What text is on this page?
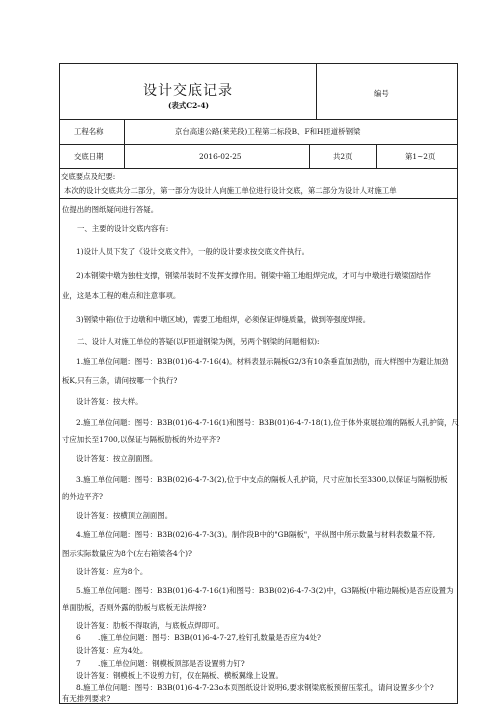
设计交底记录
(表式C2-4)
编号
工程名称	京台高速公路(莱芜段)工程第二标段B、F和H匝道桥钢梁
交底日期	2016-02-25	共2页	第1~2页
交底要点及纪要:
本次的设计交底共分二部分，第一部分为设计人向施工单位进行设计交底，第二部分为设计人对施工单
位提出的图纸疑问进行答疑。
一、主要的设计交底内容有:
1)设计人员下发了《设计交底文件》，一般的设计要求按交底文件执行。
2)本钢梁中墩为独柱支撑，钢梁吊装时不发挥支撑作用。钢梁中箱工地组焊完成，才可与中墩进行墩梁固结作
业，这是本工程的难点和注意事项。
3)钢梁中箱(位于边墩和中墩区域)，需要工地组焊，必须保证焊缝质量，做到等强度焊接。
二、设计人对施工单位的答疑(以F匝道钢梁为例，另两个钢梁的问题相似):
1.施工单位问题：图号：B3B(01)6-4-7-16(4)。材料表显示隔板G2/3有10条垂直加劲肋，而大样图中为避让加劲
板K,只有三条，请问按哪一个执行?
设计答复：按大样。
2.施工单位问题：图号：B3B(01)6-4-7-16(1)和图号：B3B(01)6-4-7-18(1),位于体外束展拉端的隔板人孔护筒，尺
寸应加长至1700,以保证与隔板肋板的外边平齐?
设计答复：按立剖面图。
3.施工单位问题：图号：B3B(02)6-4-7-3(2),位于中支点的隔板人孔护筒，尺寸应加长至3300,以保证与隔板肋板
的外边平齐?
设计答复：按横顶立剖面图。
4.施工单位问题：图号：B3B(02)6-4-7-3(3)。制作段B中的"GB隔板"，平纵图中所示数量与材料表数量不符,
图示实际数量应为8个(左右箱梁各4个)?
设计答复：应为8个。
5.施工单位问题：图号：B3B(01)6-4-7-16(1)和图号：B3B(02)6-4-7-3(2)中，G3隔板(中箱边隔板)是否应设置为
单面肋板，否则外露的肋板与底板无法焊接?
设计答复：肋板不得取消，与底板点焊即可。
6 .施工单位问题：图号：B3B(01)6-4-7-27,栓钉孔数量是否应为4处?
设计答复：应为4处。
7 .施工单位问题：钢模板顶部是否设置剪力钉?
设计答复：钢模板上不设剪力钉，仅在隔板、横板翼缘上设置。
8.施工单位问题：图号：B3B(01)6-4-7-23o本页图纸设计说明6,要求钢梁底板预留压浆孔，请问设置多少个?
有无排列要求?
